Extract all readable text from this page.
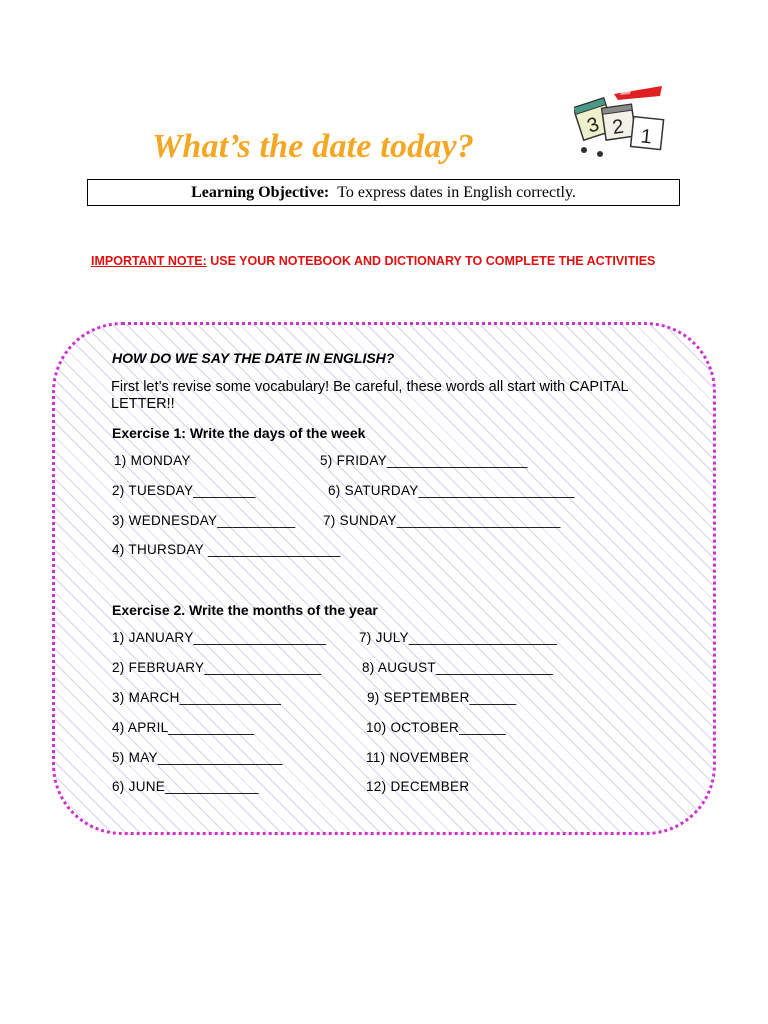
What’s the date today?
3 2 1
Learning Objective: To express dates in English correctly.
IMPORTANT NOTE: USE YOUR NOTEBOOK AND DICTIONARY TO COMPLETE THE ACTIVITIES
HOW DO WE SAY THE DATE IN ENGLISH?
First let’s revise some vocabulary! Be careful, these words all start with CAPITAL LETTER!!
Exercise 1: Write the days of the week
1) MONDAY	5) FRIDAY__________________
2) TUESDAY________	6) SATURDAY____________________
3) WEDNESDAY__________ 7) SUNDAY_____________________
4) THURSDAY _________________
Exercise 2. Write the months of the year
1) JANUARY_________________ 7) JULY___________________
2) FEBRUARY_______________	8) AUGUST_______________
3) MARCH_____________	9) SEPTEMBER______
4) APRIL___________	10) OCTOBER______
5) MAY________________	11) NOVEMBER
6) JUNE____________	12) DECEMBER
